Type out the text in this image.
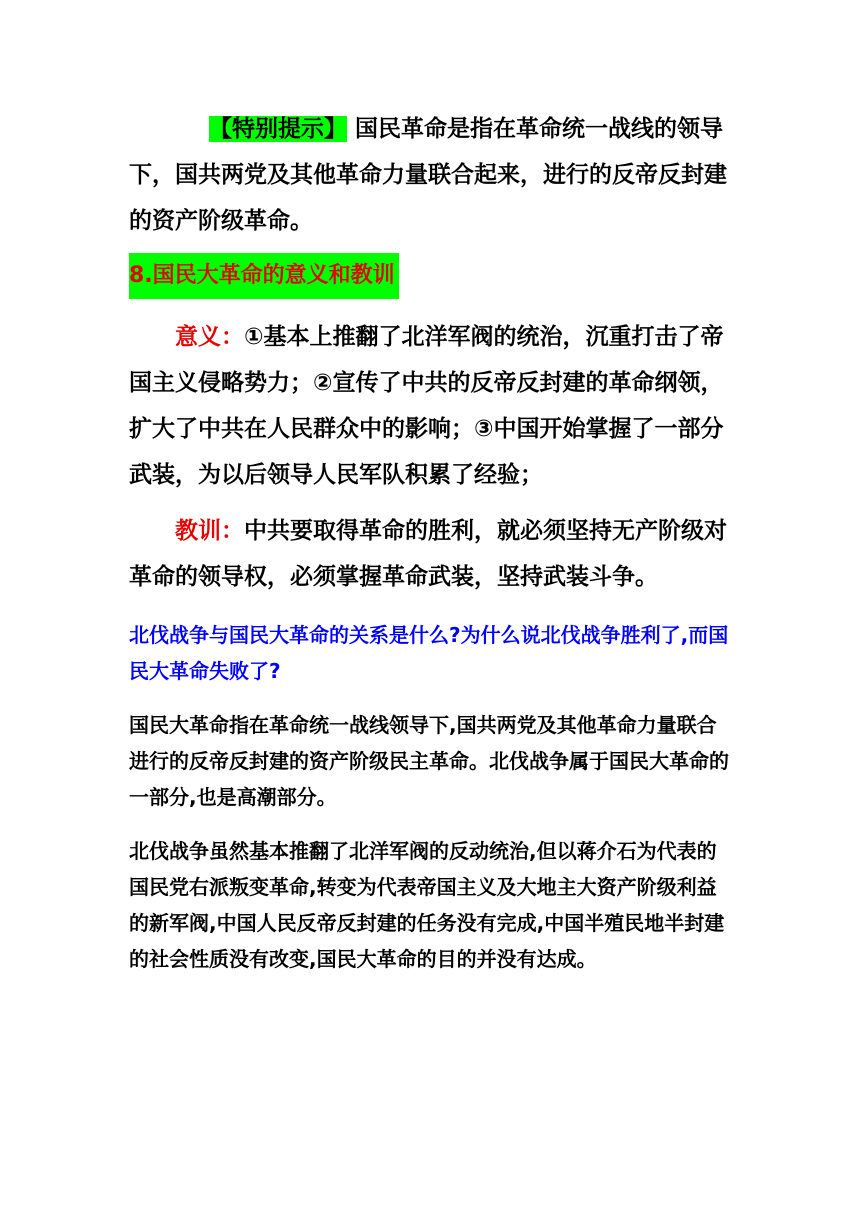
【特别提示】 国民革命是指在革命统一战线的领导下，国共两党及其他革命力量联合起来，进行的反帝反封建的资产阶级革命。
8.国民大革命的意义和教训
意义：①基本上推翻了北洋军阀的统治，沉重打击了帝国主义侵略势力；②宣传了中共的反帝反封建的革命纲领，扩大了中共在人民群众中的影响；③中国开始掌握了一部分武装，为以后领导人民军队积累了经验；
教训：中共要取得革命的胜利，就必须坚持无产阶级对革命的领导权，必须掌握革命武装，坚持武装斗争。
北伐战争与国民大革命的关系是什么?为什么说北伐战争胜利了,而国民大革命失败了?
国民大革命指在革命统一战线领导下,国共两党及其他革命力量联合进行的反帝反封建的资产阶级民主革命。北伐战争属于国民大革命的一部分,也是高潮部分。
北伐战争虽然基本推翻了北洋军阀的反动统治,但以蒋介石为代表的国民党右派叛变革命,转变为代表帝国主义及大地主大资产阶级利益的新军阀,中国人民反帝反封建的任务没有完成,中国半殖民地半封建的社会性质没有改变,国民大革命的目的并没有达成。
